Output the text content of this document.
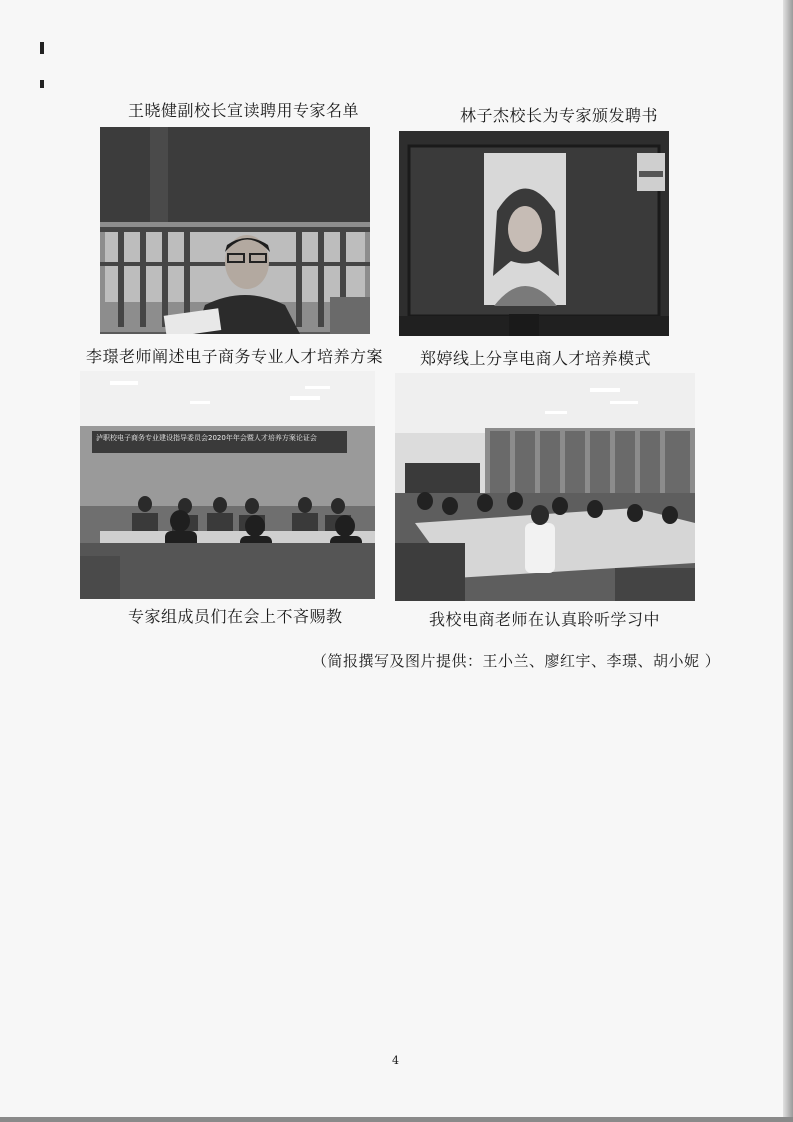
王晓健副校长宣读聘用专家名单	林子杰校长为专家颁发聘书
李璟老师阐述电子商务专业人才培养方案 郑婷线上分享电商人才培养模式
泸职校电子商务专业建设指导委员会2020年年会暨人才培养方案论证会
专家组成员们在会上不吝赐教	我校电商老师在认真聆听学习中
（简报撰写及图片提供：王小兰、廖红宇、李璟、胡小妮 ）
4
